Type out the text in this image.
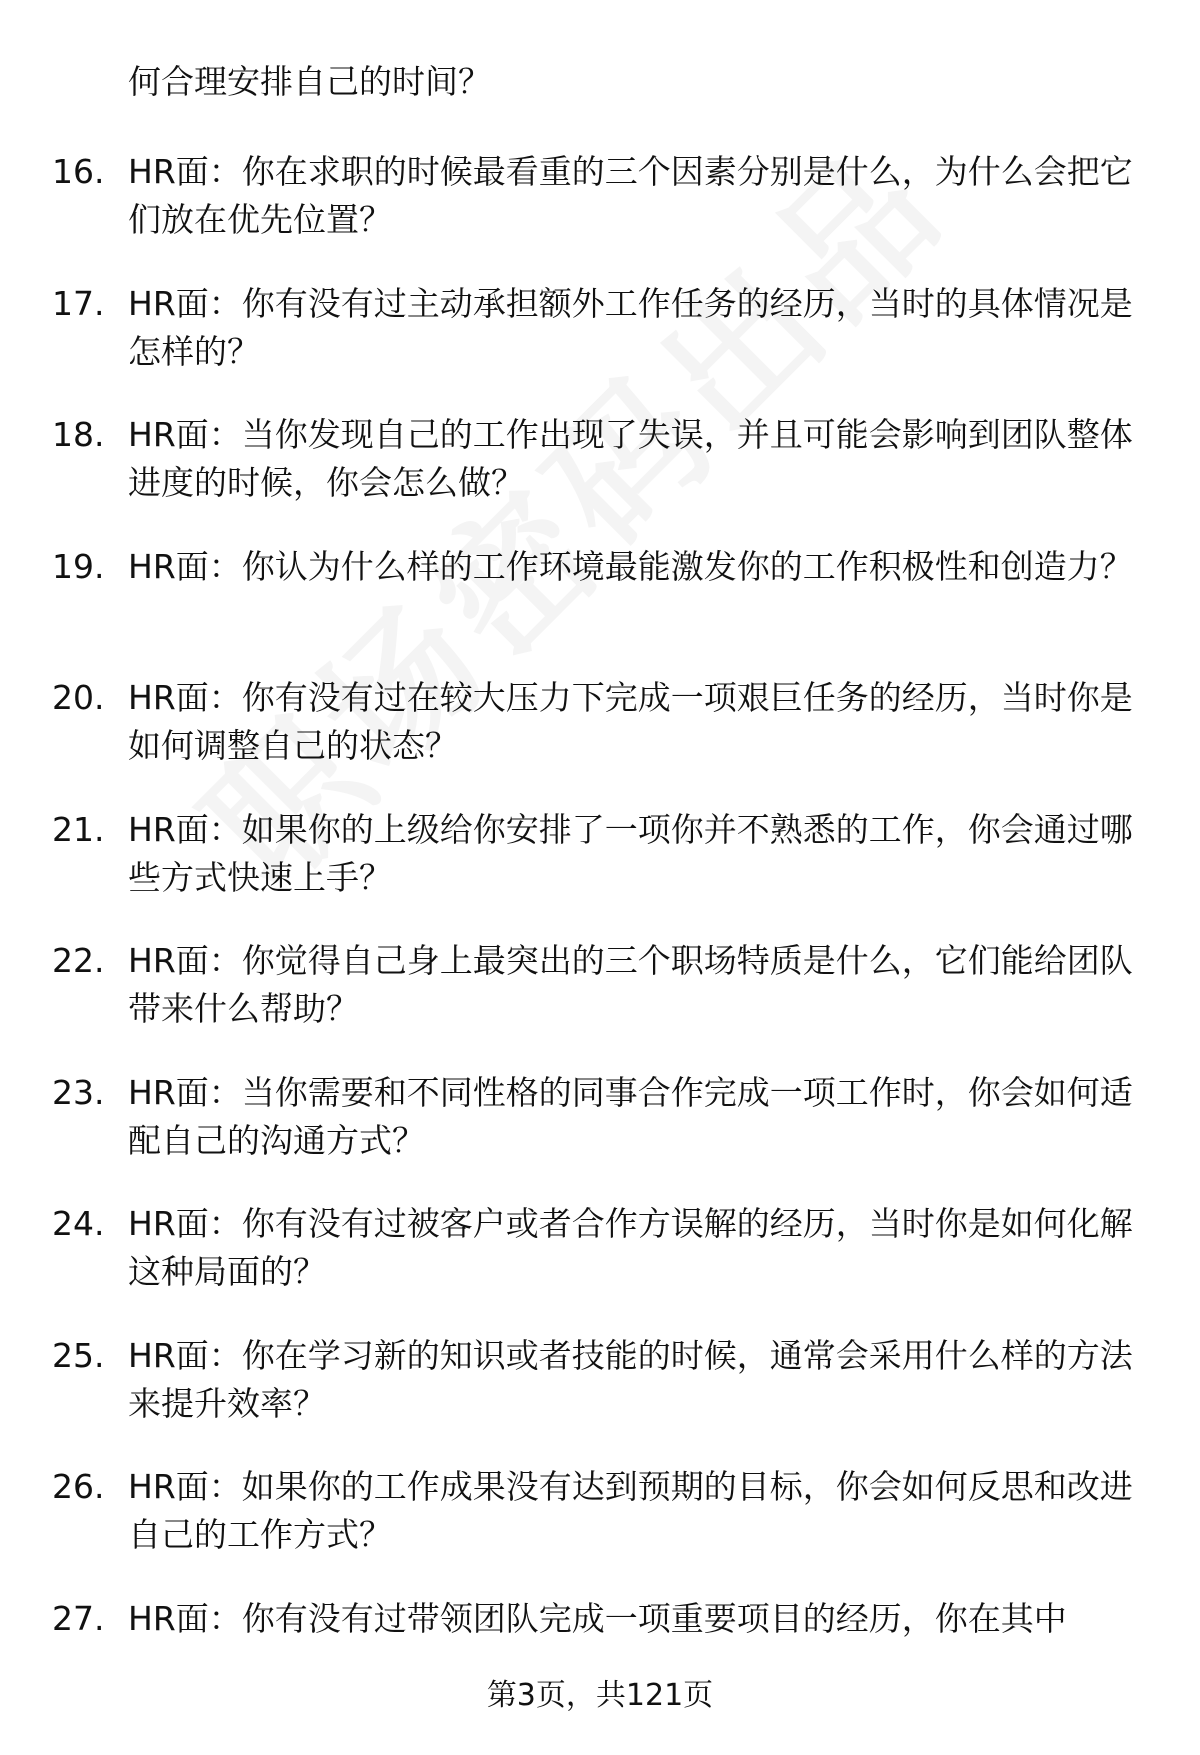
何合理安排自己的时间？

16. HR面：你在求职的时候最看重的三个因素分别是什么，为什么会把它们放在优先位置？
17. HR面：你有没有过主动承担额外工作任务的经历，当时的具体情况是怎样的？
18. HR面：当你发现自己的工作出现了失误，并且可能会影响到团队整体进度的时候，你会怎么做？
19. HR面：你认为什么样的工作环境最能激发你的工作积极性和创造力？
20. HR面：你有没有过在较大压力下完成一项艰巨任务的经历，当时你是如何调整自己的状态？
21. HR面：如果你的上级给你安排了一项你并不熟悉的工作，你会通过哪些方式快速上手？
22. HR面：你觉得自己身上最突出的三个职场特质是什么，它们能给团队带来什么帮助？
23. HR面：当你需要和不同性格的同事合作完成一项工作时，你会如何适配自己的沟通方式？
24. HR面：你有没有过被客户或者合作方误解的经历，当时你是如何化解这种局面的？
25. HR面：你在学习新的知识或者技能的时候，通常会采用什么样的方法来提升效率？
26. HR面：如果你的工作成果没有达到预期的目标，你会如何反思和改进自己的工作方式？
27. HR面：你有没有过带领团队完成一项重要项目的经历，你在其中
第3页，共121页
